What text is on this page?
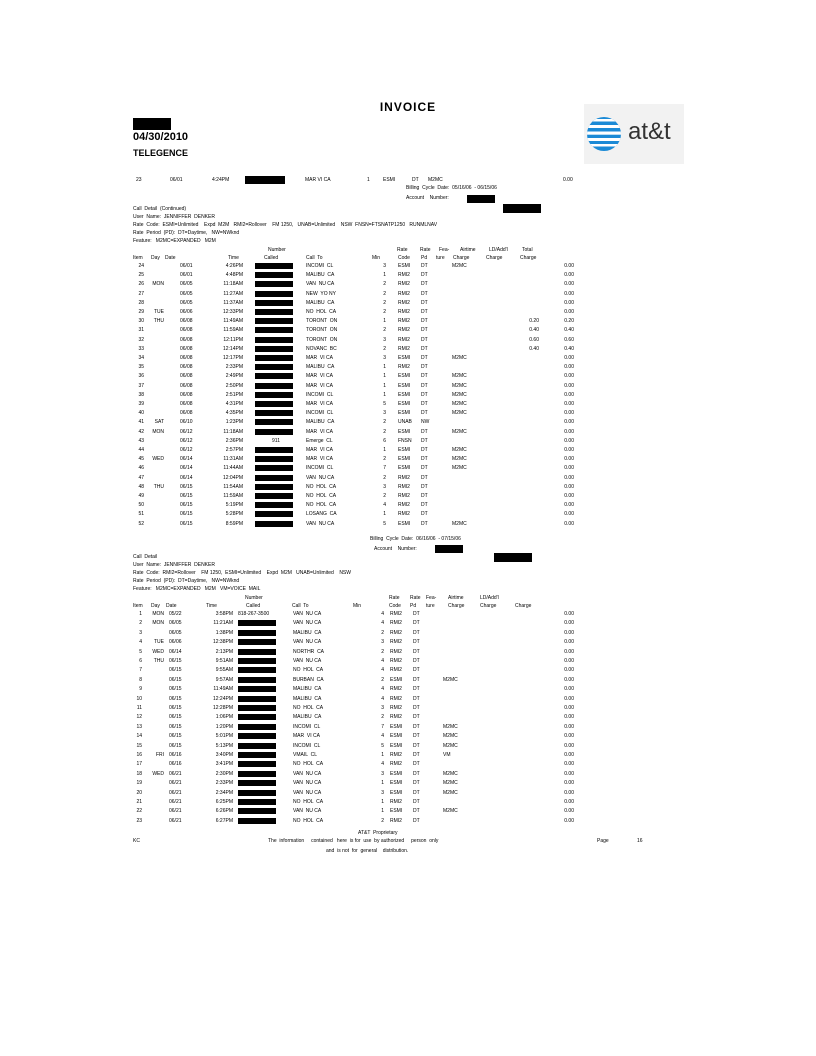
INVOICE
04/30/2010
TELEGENCE
at&t
23	06/01	4:24PM	MAR VI CA	1	ESMI	DT M2MC	0.00
Billing  Cycle  Date:  05/16/06  - 06/15/06
Account    Number:
Call  Detail  (Continued)
User  Name:  JENNIFFER  DENKER
Rate  Code:  ESMI=Unlimited    Expd  M2M   RMI2=Rollover    FM 1250,   UNAB=Unlimited    NSW  FNSN=FTSNATP1250   RUNMLNAV
Rate  Period  (PD):  DT=Daytime,   NW=NWknd
Feature:   M2MC=EXPANDED   M2M
Number	Rate Rate Fea- Airtime	LD/Add'l	Total
Item Day Date	Time	Called	Call  To	Min	Code Pd ture Charge	Charge	Charge
24	06/01	4:26PM	INCOMI  CL	3 ESMI DT	M2MC	0.00
25	06/01	4:48PM	MALIBU  CA	1 RMI2 DT	0.00
26	MON	06/05	11:18AM	VAN  NU CA	2 RMI2 DT	0.00
27	06/05	11:27AM	NEW  YO NY	2 RMI2 DT	0.00
28	06/05	11:37AM	MALIBU  CA	2 RMI2 DT	0.00
29	TUE	06/06	12:33PM	NO  HOL  CA	2 RMI2 DT	0.00
30	THU	06/08	11:49AM	TORONT  ON	1 RMI2 DT	0.20	0.20
31	06/08	11:59AM	TORONT  ON	2 RMI2 DT	0.40	0.40
32	06/08	12:11PM	TORONT  ON	3 RMI2 DT	0.60	0.60
33	06/08	12:14PM	NOVANC  BC	2 RMI2 DT	0.40	0.40
34	06/08	12:17PM	MAR  VI CA	3 ESMI DT	M2MC	0.00
35	06/08	2:33PM	MALIBU  CA	1 RMI2 DT	0.00
36	06/08	2:49PM	MAR  VI CA	1 ESMI DT	M2MC	0.00
37	06/08	2:50PM	MAR  VI CA	1 ESMI DT	M2MC	0.00
38	06/08	2:51PM	INCOMI  CL	1 ESMI DT	M2MC	0.00
39	06/08	4:31PM	MAR  VI CA	5 ESMI DT	M2MC	0.00
40	06/08	4:35PM	INCOMI  CL	3 ESMI DT	M2MC	0.00
41	SAT	06/10	1:23PM	MALIBU  CA	2 UNAB NW	0.00
42	MON	06/12	11:18AM	MAR  VI CA	2 ESMI DT	M2MC	0.00
43	06/12	2:36PM	911	Emerge  CL	6 FNSN DT	0.00
44	06/12	2:57PM	MAR  VI CA	1 ESMI DT	M2MC	0.00
45	WED	06/14	11:31AM	MAR  VI CA	2 ESMI DT	M2MC	0.00
46	06/14	11:44AM	INCOMI  CL	7 ESMI DT	M2MC	0.00
47	06/14	12:04PM	VAN  NU CA	2 RMI2 DT	0.00
48	THU	06/15	11:54AM	NO  HOL  CA	3 RMI2 DT	0.00
49	06/15	11:59AM	NO  HOL  CA	2 RMI2 DT	0.00
50	06/15	5:19PM	NO  HOL  CA	4 RMI2 DT	0.00
51	06/15	5:28PM	LOSANG  CA	1 RMI2 DT	0.00
52	06/15	8:59PM	VAN  NU CA	5 ESMI DT	M2MC	0.00
Billing  Cycle  Date:  06/16/06  - 07/15/06
Account    Number:
Call  Detail
User  Name:  JENNIFFER  DENKER
Rate  Code:  RMI2=Rollover    FM 1250,  ESMI=Unlimited    Expd  M2M   UNAB=Unlimited    NSW
Rate  Period  (PD):  DT=Daytime,   NW=NWknd
Feature:   M2MC=EXPANDED   M2M   VM=VOICE  MAIL
Number	Rate Rate Fea- Airtime	LD/Add'l
Item Day Date	Time	Called	Call  To	Min	Code Pd ture	Charge	Charge	Charge
1	MON 05/22	3:58PM 818-267-3500	VAN  NU CA	4 RMI2 DT	0.00
2	MON 06/05	11:21AM	VAN  NU CA	4 RMI2 DT	0.00
3	06/05	1:38PM	MALIBU  CA	2 RMI2 DT	0.00
4	TUE 06/06	12:38PM	VAN  NU CA	3 RMI2 DT	0.00
5	WED 06/14	2:13PM	NORTHR  CA	2 RMI2 DT	0.00
6	THU 06/15	9:51AM	VAN  NU CA	4 RMI2 DT	0.00
7	06/15	9:55AM	NO  HOL  CA	4 RMI2 DT	0.00
8	06/15	9:57AM	BURBAN  CA	2 ESMI DT	M2MC	0.00
9	06/15	11:49AM	MALIBU  CA	4 RMI2 DT	0.00
10	06/15	12:24PM	MALIBU  CA	4 RMI2 DT	0.00
11	06/15	12:28PM	NO  HOL  CA	3 RMI2 DT	0.00
12	06/15	1:06PM	MALIBU  CA	2 RMI2 DT	0.00
13	06/15	1:20PM	INCOMI  CL	7 ESMI DT	M2MC	0.00
14	06/15	5:01PM	MAR  VI CA	4 ESMI DT	M2MC	0.00
15	06/15	5:13PM	INCOMI  CL	5 ESMI DT	M2MC	0.00
16	FRI 06/16	3:40PM	VMAIL  CL	1 RMI2 DT	VM	0.00
17	06/16	3:41PM	NO  HOL  CA	4 RMI2 DT	0.00
18	WED 06/21	2:30PM	VAN  NU CA	3 ESMI DT	M2MC	0.00
19	06/21	2:33PM	VAN  NU CA	1 ESMI DT	M2MC	0.00
20	06/21	2:34PM	VAN  NU CA	3 ESMI DT	M2MC	0.00
21	06/21	6:25PM	NO  HOL  CA	1 RMI2 DT	0.00
22	06/21	6:26PM	VAN  NU CA	1 ESMI DT	M2MC	0.00
23	06/21	6:27PM	NO  HOL  CA	2 RMI2 DT	0.00
KC
AT&T  Proprietary
The  information     contained   here  is for  use  by authorized     person  only
and  is not  for  general    distribution.
Page	16
